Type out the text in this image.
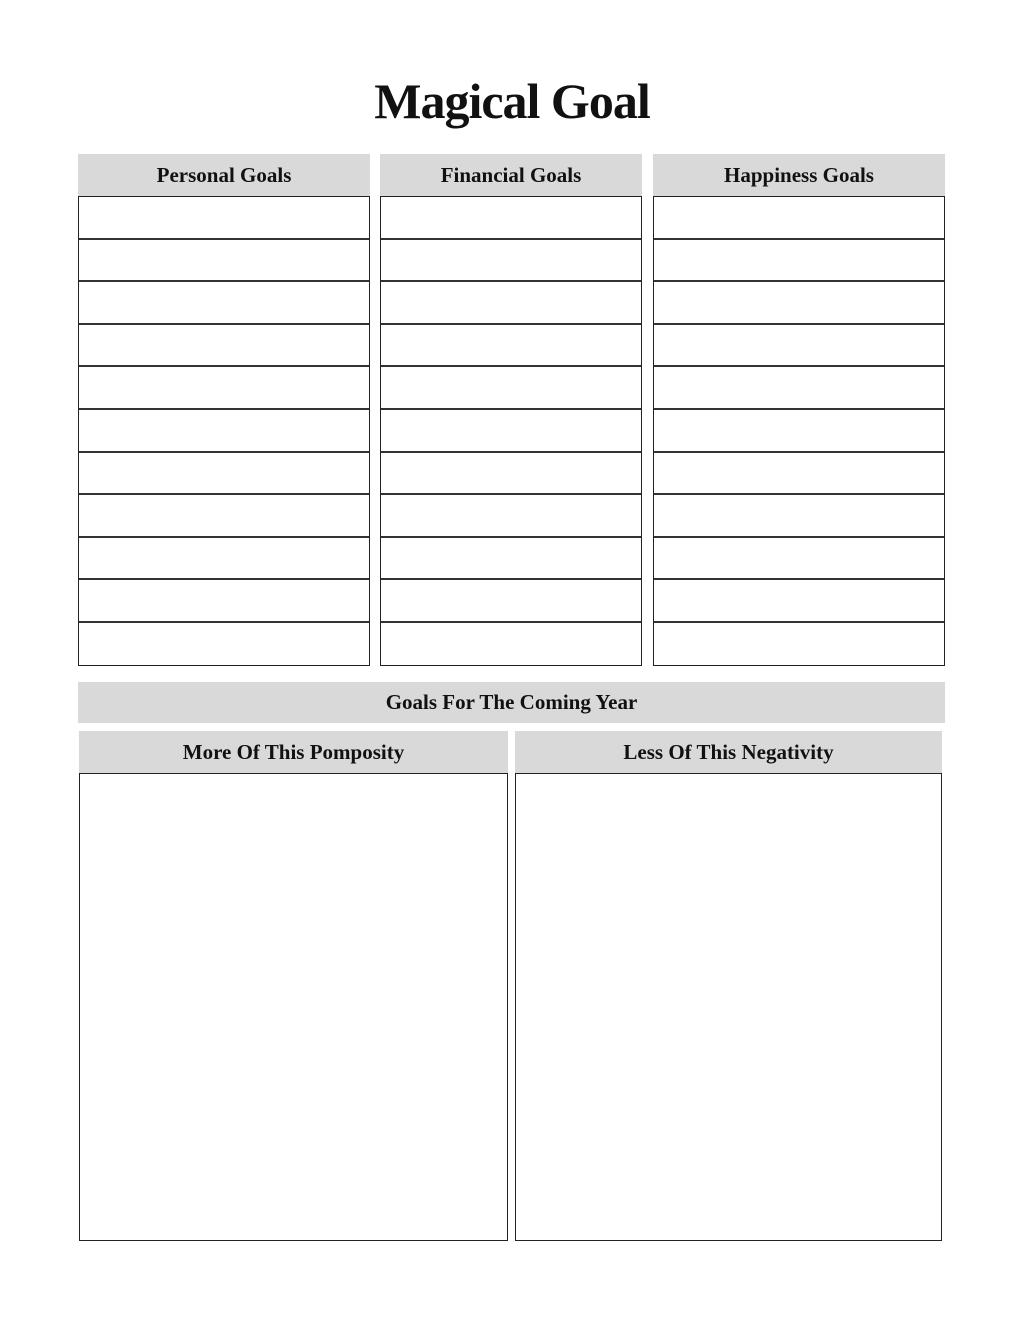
Magical Goal
Personal Goals	Financial Goals	Happiness Goals
Goals For The Coming Year
More Of This Pomposity	Less Of This Negativity
